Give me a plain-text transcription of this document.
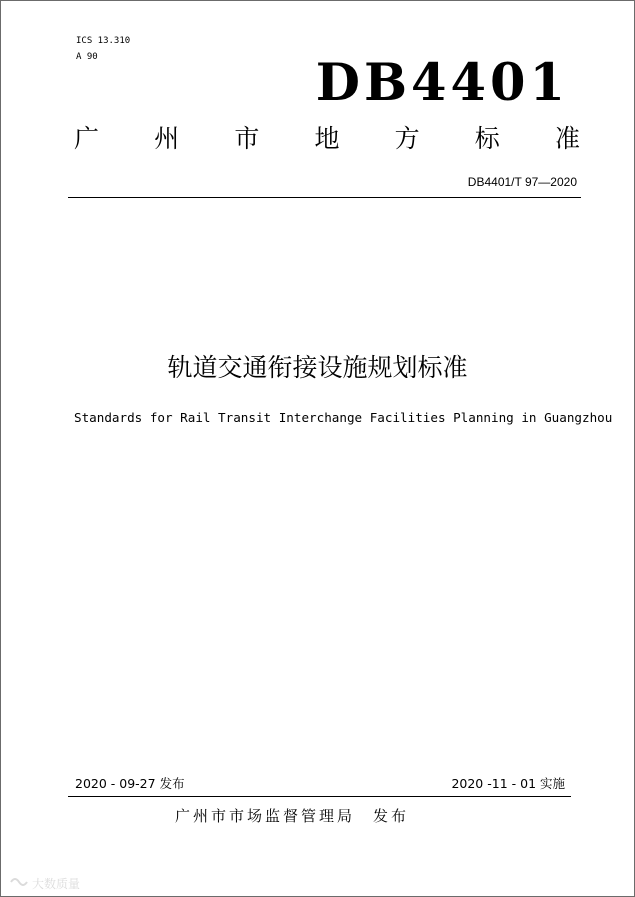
ICS 13.310
A 90	DB4401
广 州 市 地 方 标 准
DB4401/T 97—2020
轨道交通衔接设施规划标准
Standards for Rail Transit Interchange Facilities Planning in Guangzhou
2020 - 09-27 发布	2020 -11 - 01 实施
广州市市场监督管理局 发布
大数质量
